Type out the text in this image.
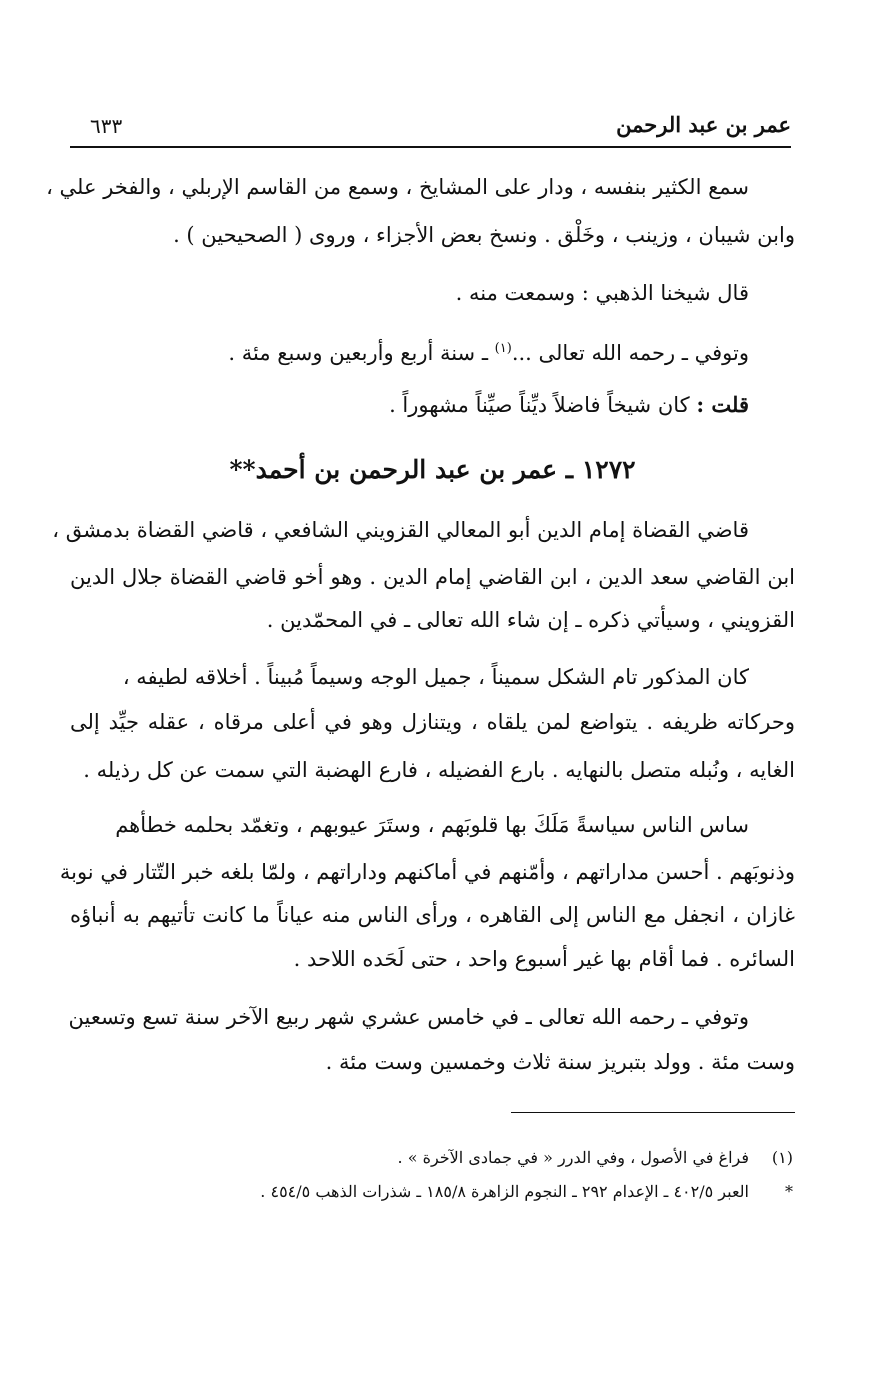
عمر بن عبد الرحمن
٦٣٣
سمع الكثير بنفسه ، ودار على المشايخ ، وسمع من القاسم الإربلي ، والفخر علي ،
وابن شيبان ، وزينب ، وخَلْق . ونسخ بعض الأجزاء ، وروى ( الصحيحين ) .
قال شيخنا الذهبي : وسمعت منه .
وتوفي ـ رحمه الله تعالى ...$^{(١)}$ ـ سنة أربع وأربعين وسبع مئة .
قلت : كان شيخاً فاضلاً ديِّناً صيِّناً مشهوراً .
١٢٧٢ ـ عمر بن عبد الرحمن بن أحمد**
قاضي القضاة إمام الدين أبو المعالي القزويني الشافعي ، قاضي القضاة بدمشق ،
ابن القاضي سعد الدين ، ابن القاضي إمام الدين . وهو أخو قاضي القضاة جلال الدين
القزويني ، وسيأتي ذكره ـ إن شاء الله تعالى ـ في المحمّدين .
كان المذكور تام الشكل سميناً ، جميل الوجه وسيماً مُبيناً . أخلاقه لطيفه ،
وحركاته ظريفه . يتواضع لمن يلقاه ، ويتنازل وهو في أعلى مرقاه ، عقله جيِّد إلى
الغايه ، ونُبله متصل بالنهايه . بارع الفضيله ، فارع الهضبة التي سمت عن كل رذيله .
ساس الناس سياسةً مَلَكَ بها قلوبَهم ، وستَرَ عيوبهم ، وتغمّد بحلمه خطأهم
وذنوبَهم . أحسن مداراتهم ، وأمّنهم في أماكنهم وداراتهم ، ولمّا بلغه خبر التّتار في نوبة
غازان ، انجفل مع الناس إلى القاهره ، ورأى الناس منه عياناً ما كانت تأتيهم به أنباؤه
السائره . فما أقام بها غير أسبوع واحد ، حتى لَحَده اللاحد .
وتوفي ـ رحمه الله تعالى ـ في خامس عشري شهر ربيع الآخر سنة تسع وتسعين
وست مئة . وولد بتبريز سنة ثلاث وخمسين وست مئة .
(١)فراغ في الأصول ، وفي الدرر « في جمادى الآخرة » .
*العبر ٤٠٢/٥ ـ الإعدام ٢٩٢ ـ النجوم الزاهرة ١٨٥/٨ ـ شذرات الذهب ٤٥٤/٥ .
